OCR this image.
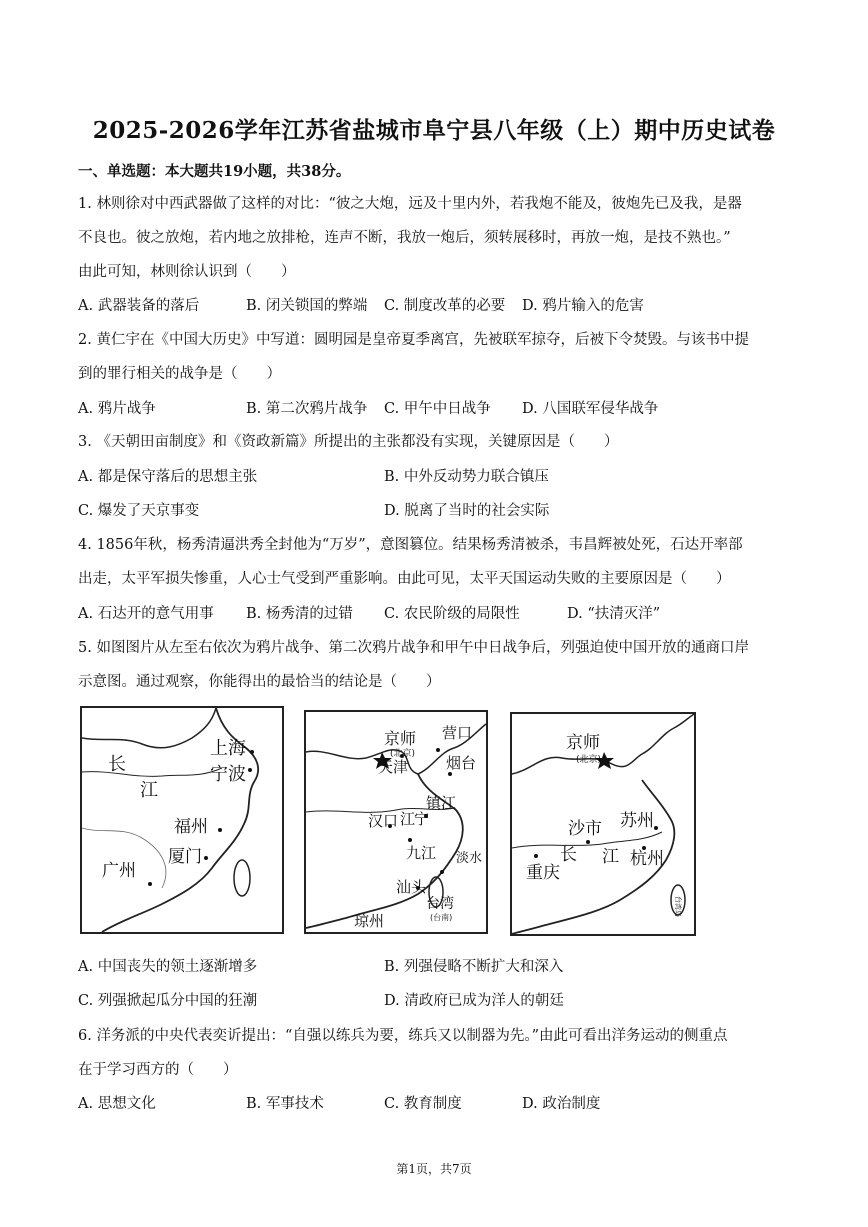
2025-2026学年江苏省盐城市阜宁县八年级（上）期中历史试卷
一、单选题：本大题共19小题，共38分。
1. 林则徐对中西武器做了这样的对比：“彼之大炮，远及十里内外，若我炮不能及，彼炮先已及我，是器
不良也。彼之放炮，若内地之放排枪，连声不断，我放一炮后，须转展移时，再放一炮，是技不熟也。”
由此可知，林则徐认识到（　　）
A. 武器装备的落后	B. 闭关锁国的弊端 C. 制度改革的必要 D. 鸦片输入的危害
2. 黄仁宇在《中国大历史》中写道：圆明园是皇帝夏季离宫，先被联军掠夺，后被下令焚毁。与该书中提
到的罪行相关的战争是（　　）
A. 鸦片战争	B. 第二次鸦片战争 C. 甲午中日战争 D. 八国联军侵华战争
3. 《天朝田亩制度》和《资政新篇》所提出的主张都没有实现，关键原因是（　　）
A. 都是保守落后的思想主张	B. 中外反动势力联合镇压
C. 爆发了天京事变	D. 脱离了当时的社会实际
4. 1856年秋，杨秀清逼洪秀全封他为“万岁”，意图篡位。结果杨秀清被杀，韦昌辉被处死，石达开率部
出走，太平军损失惨重，人心士气受到严重影响。由此可见，太平天国运动失败的主要原因是（　　）
A. 石达开的意气用事 B. 杨秀清的过错 C. 农民阶级的局限性	D. “扶清灭洋”
5. 如图图片从左至右依次为鸦片战争、第二次鸦片战争和甲午中日战争后，列强迫使中国开放的通商口岸
示意图。通过观察，你能得出的最恰当的结论是（　　）
长
江
上海
宁波
福州
厦门
广州
京师
(北京)
天津
营口
烟台
镇江
汉口 江
宁
九江 淡水
汕头
台湾
(台南)
琼州
京师
(北京)
苏州
沙市
长 江 杭州
重庆
台湾岛
A. 中国丧失的领土逐渐增多	B. 列强侵略不断扩大和深入
C. 列强掀起瓜分中国的狂潮	D. 清政府已成为洋人的朝廷
6. 洋务派的中央代表奕䜣提出：“自强以练兵为要，练兵又以制器为先。”由此可看出洋务运动的侧重点
在于学习西方的（　　）
A. 思想文化	B. 军事技术	C. 教育制度	D. 政治制度
第1页，共7页
